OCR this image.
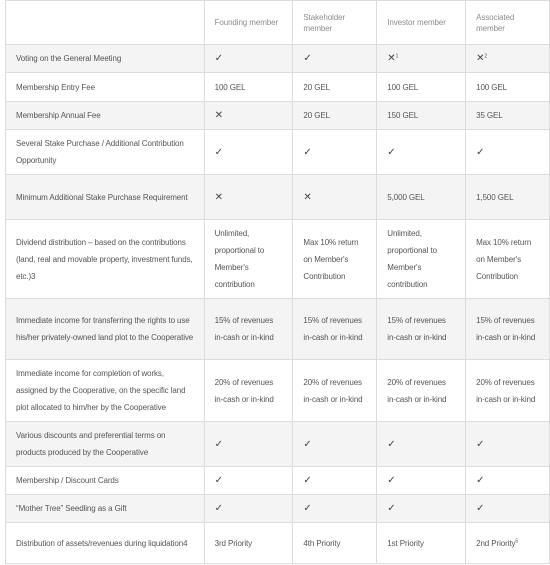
	Founding member	Stakeholder member	Investor member	Associated member
Voting on the General Meeting	✓	✓	✕$^1$	✕$^2$
Membership Entry Fee	100 GEL	20 GEL	100 GEL	100 GEL
Membership Annual Fee	✕	20 GEL	150 GEL	35 GEL
Several Stake Purchase / Additional Contribution Opportunity	✓	✓	✓	✓
Minimum Additional Stake Purchase Requirement	✕	✕	5,000 GEL	1,500 GEL
Dividend distribution – based on the contributions (land, real and movable property, investment funds, etc.)3	Unlimited, proportional to Member's contribution	Max 10% return on Member's Contribution	Unlimited, proportional to Member's contribution	Max 10% return on Member's Contribution
Immediate income for transferring the rights to use his/her privately-owned land plot to the Cooperative	15% of revenues in-cash or in-kind	15% of revenues in-cash or in-kind	15% of revenues in-cash or in-kind	15% of revenues in-cash or in-kind
Immediate income for completion of works, assigned by the Cooperative, on the specific land plot allocated to him/her by the Cooperative	20% of revenues in-cash or in-kind	20% of revenues in-cash or in-kind	20% of revenues in-cash or in-kind	20% of revenues in-cash or in-kind
Various discounts and preferential terms on products produced by the Cooperative	✓	✓	✓	✓
Membership / Discount Cards	✓	✓	✓	✓
“Mother Tree” Seedling as a Gift	✓	✓	✓	✓
Distribution of assets/revenues during liquidation4	3rd Priority	4th Priority	1st Priority	2nd Priority$^5$
